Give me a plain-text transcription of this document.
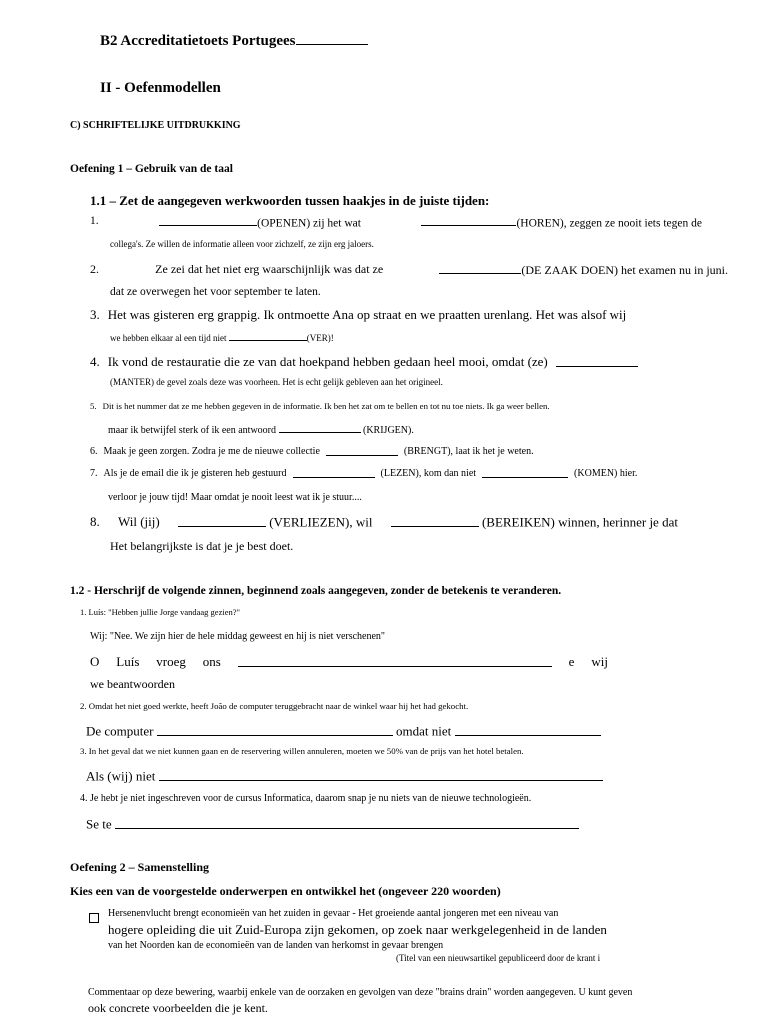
B2 Accreditatietoets Portugees
II - Oefenmodellen
C) SCHRIFTELIJKE UITDRUKKING
Oefening 1 – Gebruik van de taal
1.1 – Zet de aangegeven werkwoorden tussen haakjes in de juiste tijden:
1.	(OPENEN) zij het wat	(HOREN), zeggen ze nooit iets tegen de
collega's. Ze willen de informatie alleen voor zichzelf, ze zijn erg jaloers.
2.	Ze zei dat het niet erg waarschijnlijk was dat ze	(DE ZAAK DOEN) het examen nu in juni.
dat ze overwegen het voor september te laten.
3. Het was gisteren erg grappig. Ik ontmoette Ana op straat en we praatten urenlang. Het was alsof wij
we hebben elkaar al een tijd niet	(VER)!
4. Ik vond de restauratie die ze van dat hoekpand hebben gedaan heel mooi, omdat (ze)
(MANTER) de gevel zoals deze was voorheen. Het is echt gelijk gebleven aan het origineel.
5. Dit is het nummer dat ze me hebben gegeven in de informatie. Ik ben het zat om te bellen en tot nu toe niets. Ik ga weer bellen.
maar ik betwijfel sterk of ik een antwoord	(KRIJGEN).
6. Maak je geen zorgen. Zodra je me de nieuwe collectie	(BRENGT), laat ik het je weten.
7. Als je de email die ik je gisteren heb gestuurd	(LEZEN), kom dan niet	(KOMEN) hier.
verloor je jouw tijd! Maar omdat je nooit leest wat ik je stuur....
8. Wil (jij)	(VERLIEZEN), wil	(BEREIKEN) winnen, herinner je dat
Het belangrijkste is dat je je best doet.
1.2 - Herschrijf de volgende zinnen, beginnend zoals aangegeven, zonder de betekenis te veranderen.
1. Luís: "Hebben jullie Jorge vandaag gezien?"
Wij: "Nee. We zijn hier de hele middag geweest en hij is niet verschenen"
O Luís vroeg ons	e wij
we beantwoorden
2. Omdat het niet goed werkte, heeft João de computer teruggebracht naar de winkel waar hij het had gekocht.
De computer	omdat niet
3. In het geval dat we niet kunnen gaan en de reservering willen annuleren, moeten we 50% van de prijs van het hotel betalen.
Als (wij) niet
4. Je hebt je niet ingeschreven voor de cursus Informatica, daarom snap je nu niets van de nieuwe technologieën.
Se te
Oefening 2 – Samenstelling
Kies een van de voorgestelde onderwerpen en ontwikkel het (ongeveer 220 woorden)
Hersenenvlucht brengt economieën van het zuiden in gevaar - Het groeiende aantal jongeren met een niveau van
hogere opleiding die uit Zuid-Europa zijn gekomen, op zoek naar werkgelegenheid in de landen
van het Noorden kan de economieën van de landen van herkomst in gevaar brengen
(Titel van een nieuwsartikel gepubliceerd door de krant i
Commentaar op deze bewering, waarbij enkele van de oorzaken en gevolgen van deze "brains drain" worden aangegeven. U kunt geven
ook concrete voorbeelden die je kent.
